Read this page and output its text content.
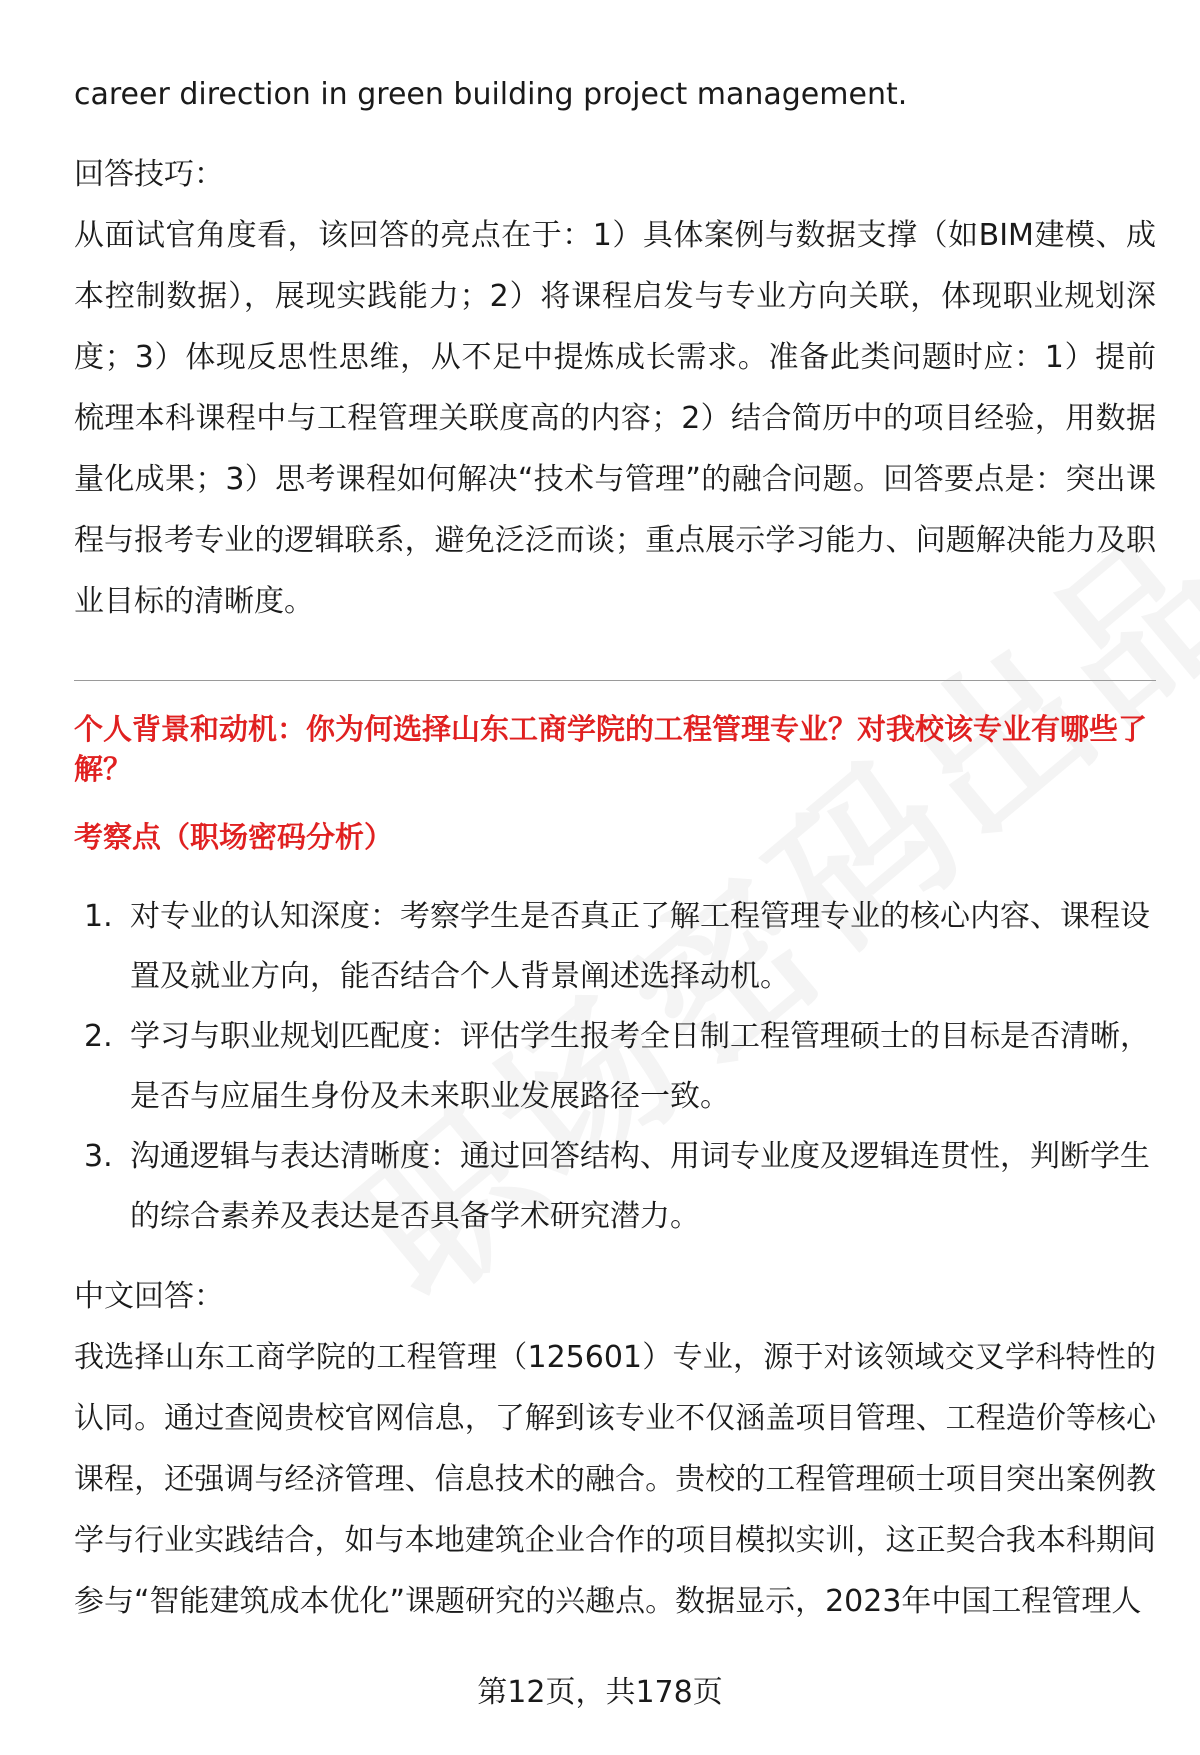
career direction in green building project management.

回答技巧：

从面试官角度看，该回答的亮点在于：1）具体案例与数据支撑（如BIM建模、成本控制数据），展现实践能力；2）将课程启发与专业方向关联，体现职业规划深度；3）体现反思性思维，从不足中提炼成长需求。准备此类问题时应：1）提前梳理本科课程中与工程管理关联度高的内容；2）结合简历中的项目经验，用数据量化成果；3）思考课程如何解决“技术与管理”的融合问题。回答要点是：突出课程与报考专业的逻辑联系，避免泛泛而谈；重点展示学习能力、问题解决能力及职业目标的清晰度。

个人背景和动机：你为何选择山东工商学院的工程管理专业？对我校该专业有哪些了解？
考察点（职场密码分析）
1. 对专业的认知深度：考察学生是否真正了解工程管理专业的核心内容、课程设置及就业方向，能否结合个人背景阐述选择动机。
2. 学习与职业规划匹配度：评估学生报考全日制工程管理硕士的目标是否清晰，是否与应届生身份及未来职业发展路径一致。
3. 沟通逻辑与表达清晰度：通过回答结构、用词专业度及逻辑连贯性，判断学生的综合素养及表达是否具备学术研究潜力。

中文回答：

我选择山东工商学院的工程管理（125601）专业，源于对该领域交叉学科特性的认同。通过查阅贵校官网信息，了解到该专业不仅涵盖项目管理、工程造价等核心课程，还强调与经济管理、信息技术的融合。贵校的工程管理硕士项目突出案例教学与行业实践结合，如与本地建筑企业合作的项目模拟实训，这正契合我本科期间参与“智能建筑成本优化”课题研究的兴趣点。数据显示，2023年中国工程管理人

第12页，共178页
